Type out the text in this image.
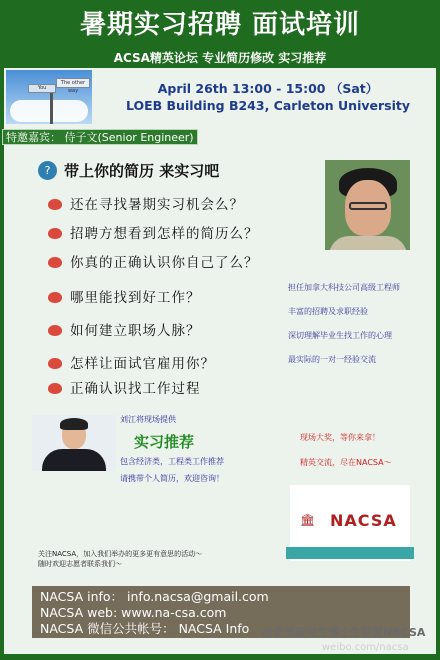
暑期实习招聘 面试培训
ACSA精英论坛 专业简历修改 实习推荐
You
The other way	April 26th 13:00 - 15:00 （Sat）
LOEB Building B243, Carleton University
特邀嘉宾： 侍子文(Senior Engineer)
? 带上你的简历 来实习吧
还在寻找暑期实习机会么？
招聘方想看到怎样的简历么？
你真的正确认识你自己了么？
哪里能找到好工作？
如何建立职场人脉？
怎样让面试官雇用你？
正确认识找工作过程
担任加拿大科技公司高级工程师
丰富的招聘及求职经验
深切理解毕业生找工作的心理
最实际的一对一经验交流
刘江将现场提供
实习推荐
包含经济类，工程类工作推荐
请携带个人简历，欢迎咨询！
现场大奖，等你来拿！
精英交流，尽在NACSA～
🏛 NACSA
关注NACSA，加入我们举办的更多更有意思的活动～
随时欢迎志愿者联系我们～
NACSA info： info.nacsa@gmail.com
NACSA web: www.na-csa.com
NACSA 微信公共帐号： NACSA Info	@北美研究生博士生联盟NACSA
weibo.com/nacsa
